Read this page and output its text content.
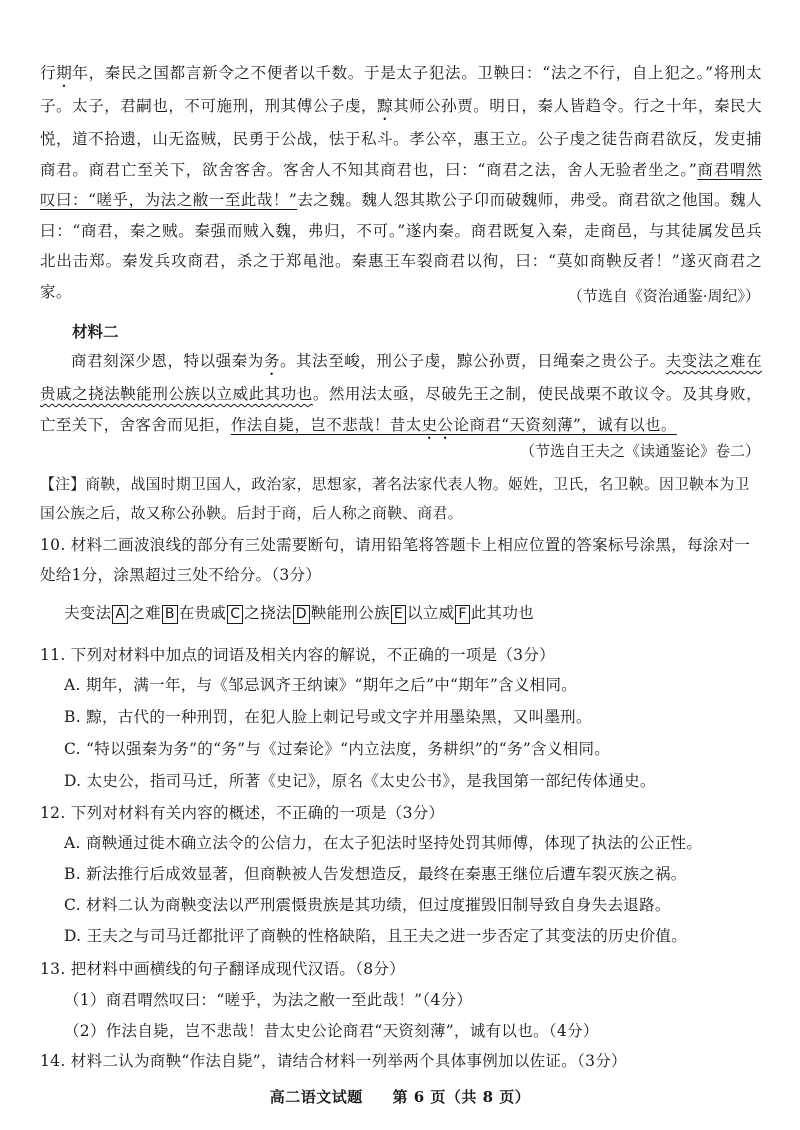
行期年，秦民之国都言新令之不便者以千数。于是太子犯法。卫鞅曰：“法之不行，自上犯之。”将刑太子。太子，君嗣也，不可施刑，刑其傅公子虔，黥其师公孙贾。明日，秦人皆趋令。行之十年，秦民大悦，道不拾遗，山无盗贼，民勇于公战，怯于私斗。孝公卒，惠王立。公子虔之徒告商君欲反，发吏捕商君。商君亡至关下，欲舍客舍。客舍人不知其商君也，曰：“商君之法，舍人无验者坐之。”商君喟然叹曰：“嗟乎，为法之敝一至此哉！”去之魏。魏人怨其欺公子卬而破魏师，弗受。商君欲之他国。魏人曰：“商君，秦之贼。秦强而贼入魏，弗归，不可。”遂内秦。商君既复入秦，走商邑，与其徒属发邑兵北出击郑。秦发兵攻商君，杀之于郑黾池。秦惠王车裂商君以徇，曰：“莫如商鞅反者！”遂灭商君之家。	（节选自《资治通鉴·周纪》）
材料二

商君刻深少恩，特以强秦为务。其法至峻，刑公子虔，黥公孙贾，日绳秦之贵公子。夫变法之难在贵戚之挠法鞅能刑公族以立威此其功也。然用法太亟，尽破先王之制，使民战栗不敢议令。及其身败，亡至关下，舍客舍而见拒，作法自毙，岂不悲哉！昔太史公论商君“天资刻薄”，诚有以也。

（节选自王夫之《读通鉴论》卷二）

【注】商鞅，战国时期卫国人，政治家，思想家，著名法家代表人物。姬姓，卫氏，名卫鞅。因卫鞅本为卫国公族之后，故又称公孙鞅。后封于商，后人称之商鞅、商君。

10. 材料二画波浪线的部分有三处需要断句，请用铅笔将答题卡上相应位置的答案标号涂黑，每涂对一处给1分，涂黑超过三处不给分。（3分）

夫变法 A 之难 B 在贵戚 C 之挠法 D 鞅能刑公族 E 以立威 F 此其功也

11. 下列对材料中加点的词语及相关内容的解说，不正确的一项是（3分）

A. 期年，满一年，与《邹忌讽齐王纳谏》“期年之后”中“期年”含义相同。

B. 黥，古代的一种刑罚，在犯人脸上刺记号或文字并用墨染黑，又叫墨刑。

C. “特以强秦为务”的“务”与《过秦论》“内立法度，务耕织”的“务”含义相同。

D. 太史公，指司马迁，所著《史记》，原名《太史公书》，是我国第一部纪传体通史。

12. 下列对材料有关内容的概述，不正确的一项是（3分）

A. 商鞅通过徙木确立法令的公信力，在太子犯法时坚持处罚其师傅，体现了执法的公正性。

B. 新法推行后成效显著，但商鞅被人告发想造反，最终在秦惠王继位后遭车裂灭族之祸。

C. 材料二认为商鞅变法以严刑震慑贵族是其功绩，但过度摧毁旧制导致自身失去退路。

D. 王夫之与司马迁都批评了商鞅的性格缺陷，且王夫之进一步否定了其变法的历史价值。

13. 把材料中画横线的句子翻译成现代汉语。（8分）

（1）商君喟然叹曰：“嗟乎，为法之敝一至此哉！”（4分）

（2）作法自毙，岂不悲哉！昔太史公论商君“天资刻薄”，诚有以也。（4分）

14. 材料二认为商鞅“作法自毙”，请结合材料一列举两个具体事例加以佐证。（3分）

高二语文试题 第 6 页（共 8 页）
